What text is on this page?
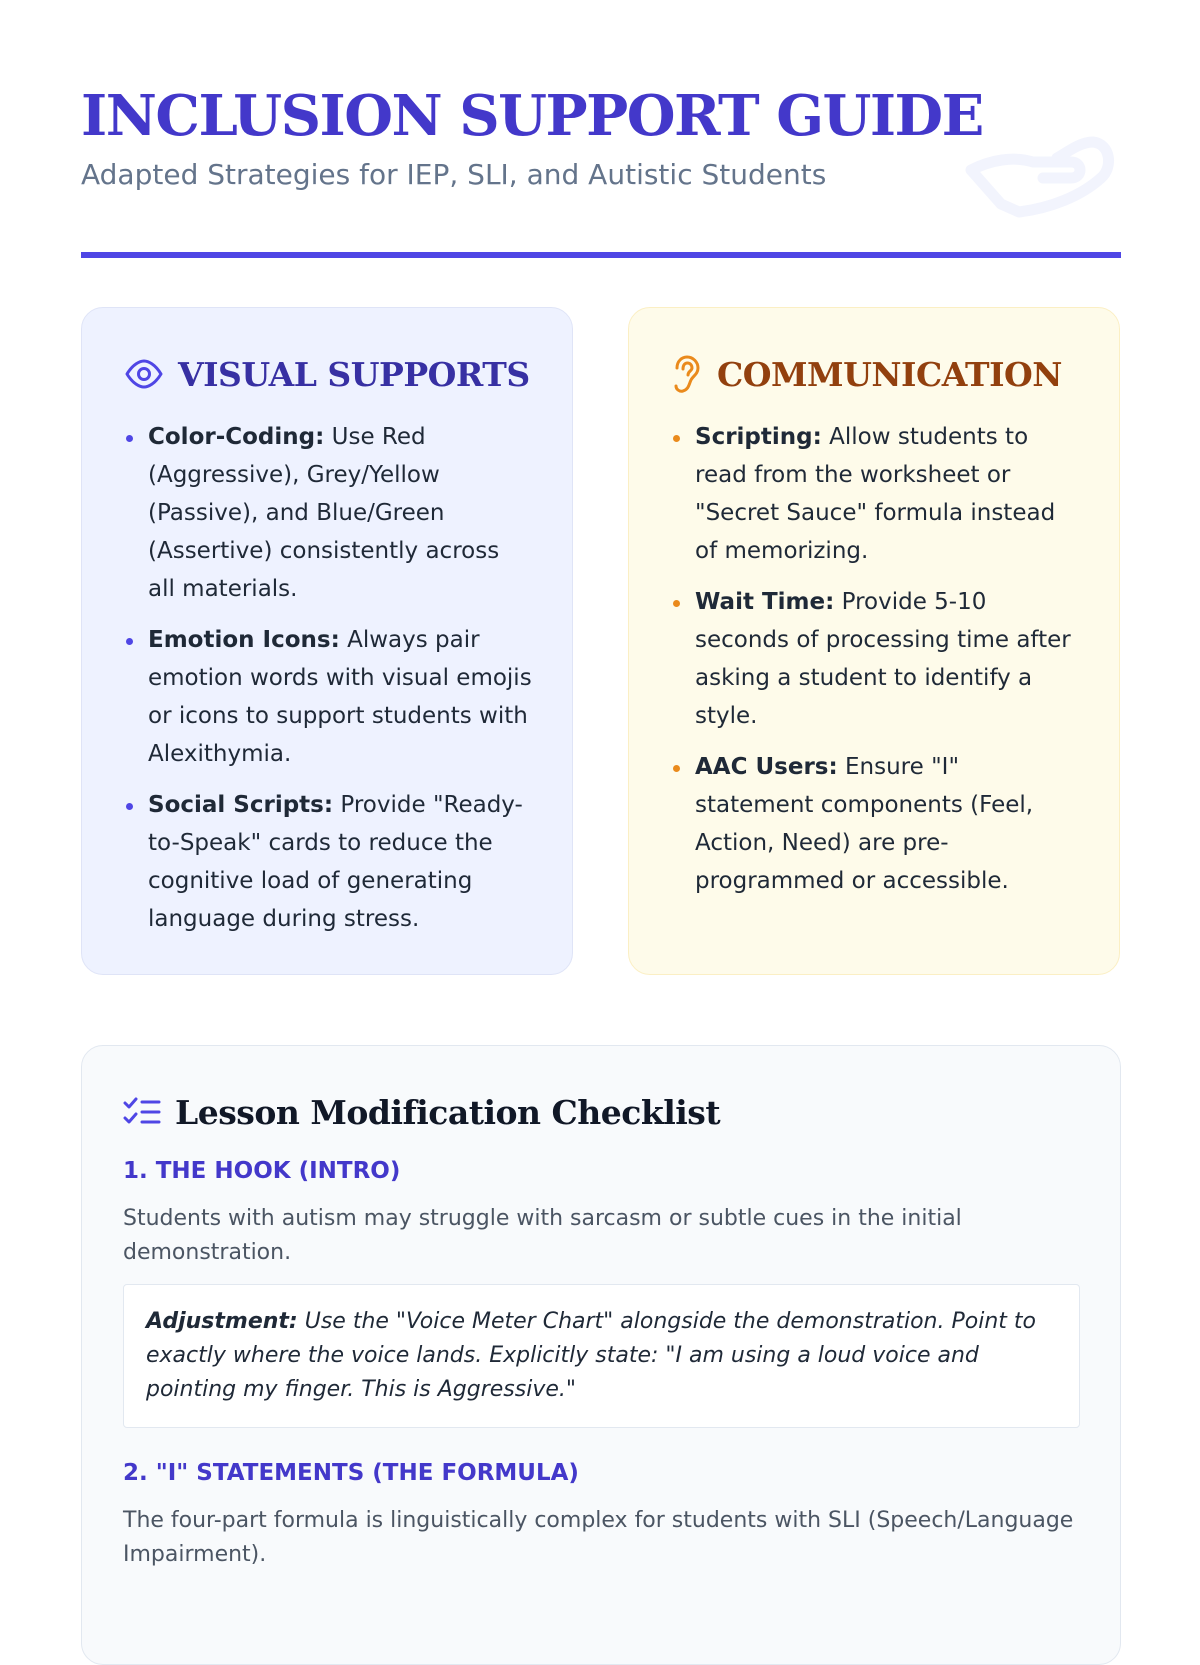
INCLUSION SUPPORT GUIDE

Adapted Strategies for IEP, SLI, and Autistic Students

VISUAL SUPPORTS
Color-Coding: Use Red (Aggressive), Grey/Yellow (Passive), and Blue/Green (Assertive) consistently across all materials.
Emotion Icons: Always pair emotion words with visual emojis or icons to support students with Alexithymia.
Social Scripts: Provide "Ready-to-Speak" cards to reduce the cognitive load of generating language during stress.
COMMUNICATION
Scripting: Allow students to read from the worksheet or "Secret Sauce" formula instead of memorizing.
Wait Time: Provide 5-10 seconds of processing time after asking a student to identify a style.
AAC Users: Ensure "I" statement components (Feel, Action, Need) are pre-programmed or accessible.
Lesson Modification Checklist
1. THE HOOK (INTRO)

Students with autism may struggle with sarcasm or subtle cues in the initial demonstration.

Adjustment: Use the "Voice Meter Chart" alongside the demonstration. Point to exactly where the voice lands. Explicitly state: "I am using a loud voice and pointing my finger. This is Aggressive."
2. "I" STATEMENTS (THE FORMULA)

The four-part formula is linguistically complex for students with SLI (Speech/Language Impairment).
